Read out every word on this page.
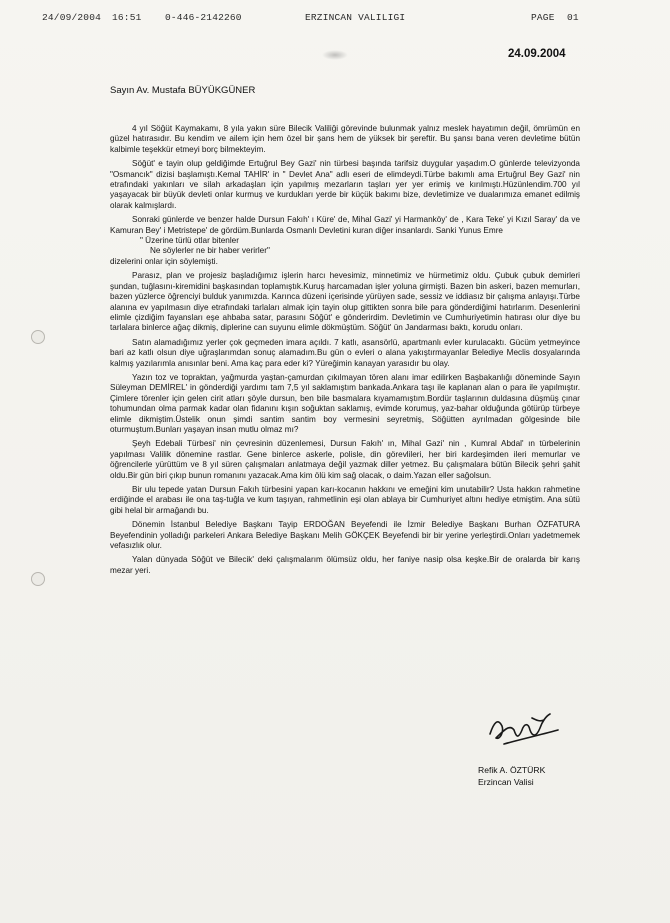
24/09/2004 16:51 0-446-2142260	ERZINCAN VALILIGI	PAGE 01
24.09.2004
Sayın Av. Mustafa BÜYÜKGÜNER

4 yıl Söğüt Kaymakamı, 8 yıla yakın süre Bilecik Valiliği görevinde bulunmak yalnız meslek hayatımın değil, ömrümün en güzel hatırasıdır. Bu kendim ve ailem için hem özel bir şans hem de yüksek bir şereftir. Bu şansı bana veren devletime bütün kalbimle teşekkür etmeyi borç bilmekteyim.

Söğüt' e tayin olup geldiğimde Ertuğrul Bey Gazi' nin türbesi başında tarifsiz duygular yaşadım.O günlerde televizyonda "Osmancık" dizisi başlamıştı.Kemal TAHİR' in " Devlet Ana" adlı eseri de elimdeydi.Türbe bakımlı ama Ertuğrul Bey Gazi' nin etrafındaki yakınları ve silah arkadaşları için yapılmış mezarların taşları yer yer erimiş ve kırılmıştı.Hüzünlendim.700 yıl yaşayacak bir büyük devleti onlar kurmuş ve kurdukları yerde bir küçük bakımı bize, devletimize ve dualarımıza emanet edilmiş olarak kalmışlardı.

Sonraki günlerde ve benzer halde Dursun Fakıh' ı Küre' de, Mihal Gazi' yi Harmanköy' de , Kara Teke' yi Kızıl Saray' da ve Kamuran Bey' i Metristepe' de gördüm.Bunlarda Osmanlı Devletini kuran diğer insanlardı. Sanki Yunus Emre

" Üzerine türlü otlar bitenler
Ne söylerler ne bir haber verirler"
dizelerini onlar için söylemişti.

Parasız, plan ve projesiz başladığımız işlerin harcı hevesimiz, minnetimiz ve hürmetimiz oldu. Çubuk çubuk demirleri şundan, tuğlasını-kiremidini başkasından toplamıştık.Kuruş harcamadan işler yoluna girmişti. Bazen bin askeri, bazen memurları, bazen yüzlerce öğrenciyi bulduk yanımızda. Karınca düzeni içerisinde yürüyen sade, sessiz ve iddiasız bir çalışma anlayışı.Türbe alanına ev yapılmasın diye etrafındaki tarlaları almak için tayin olup gittikten sonra bile para gönderdiğimi hatırlarım. Desenlerini elimle çizdiğim fayansları eşe ahbaba satar, parasını Söğüt' e gönderirdim. Devletimin ve Cumhuriyetimin hatırası olur diye bu tarlalara binlerce ağaç dikmiş, diplerine can suyunu elimle dökmüştüm. Söğüt' ün Jandarması baktı, korudu onları.

Satın alamadığımız yerler çok geçmeden imara açıldı. 7 katlı, asansörlü, apartmanlı evler kurulacaktı. Gücüm yetmeyince bari az katlı olsun diye uğraşlarımdan sonuç alamadım.Bu gün o evleri o alana yakıştırmayanlar Belediye Meclis dosyalarında kalmış yazılarımla anısınlar beni. Ama kaç para eder ki? Yüreğimin kanayan yarasıdır bu olay.

Yazın toz ve topraktan, yağmurda yaştan-çamurdan çıkılmayan tören alanı imar edilirken Başbakanlığı döneminde Sayın Süleyman DEMİREL' in gönderdiği yardımı tam 7,5 yıl saklamıştım bankada.Ankara taşı ile kaplanan alan o para ile yapılmıştır. Çimlere törenler için gelen cirit atları şöyle dursun, ben bile basmalara kıyamamıştım.Bordür taşlarının duldasına düşmüş çınar tohumundan olma parmak kadar olan fidanını kışın soğuktan saklamış, evimde korumuş, yaz-bahar olduğunda götürüp türbeye elimle dikmiştim.Üstelik onun şimdi santim santim boy vermesini seyretmiş, Söğütten ayrılmadan gölgesinde bile oturmuştum.Bunları yaşayan insan mutlu olmaz mı?

Şeyh Edebali Türbesi' nin çevresinin düzenlemesi, Dursun Fakıh' ın, Mihal Gazi' nin , Kumral Abdal' ın türbelerinin yapılması Valilik dönemine rastlar. Gene binlerce askerle, polisle, din görevlileri, her biri kardeşimden ileri memurlar ve öğrencilerle yürüttüm ve 8 yıl süren çalışmaları anlatmaya değil yazmak diller yetmez. Bu çalışmalara bütün Bilecik şehri şahit oldu.Bir gün biri çıkıp bunun romanını yazacak.Ama kim ölü kim sağ olacak, o daim.Yazan eller sağolsun.

Bir ulu tepede yatan Dursun Fakıh türbesini yapan karı-kocanın hakkını ve emeğini kim unutabilir? Usta hakkın rahmetine erdiğinde el arabası ile ona taş-tuğla ve kum taşıyan, rahmetlinin eşi olan ablaya bir Cumhuriyet altını hediye etmiştim. Ana sütü gibi helal bir armağandı bu.

Dönemin İstanbul Belediye Başkanı Tayip ERDOĞAN Beyefendi ile İzmir Belediye Başkanı Burhan ÖZFATURA Beyefendinin yolladığı parkeleri Ankara Belediye Başkanı Melih GÖKÇEK Beyefendi bir bir yerine yerleştirdi.Onları yadetmemek vefasızlık olur.

Yalan dünyada Söğüt ve Bilecik' deki çalışmalarım ölümsüz oldu, her faniye nasip olsa keşke.Bir de oralarda bir karış mezar yeri.

Refik A. ÖZTÜRK
Erzincan Valisi
